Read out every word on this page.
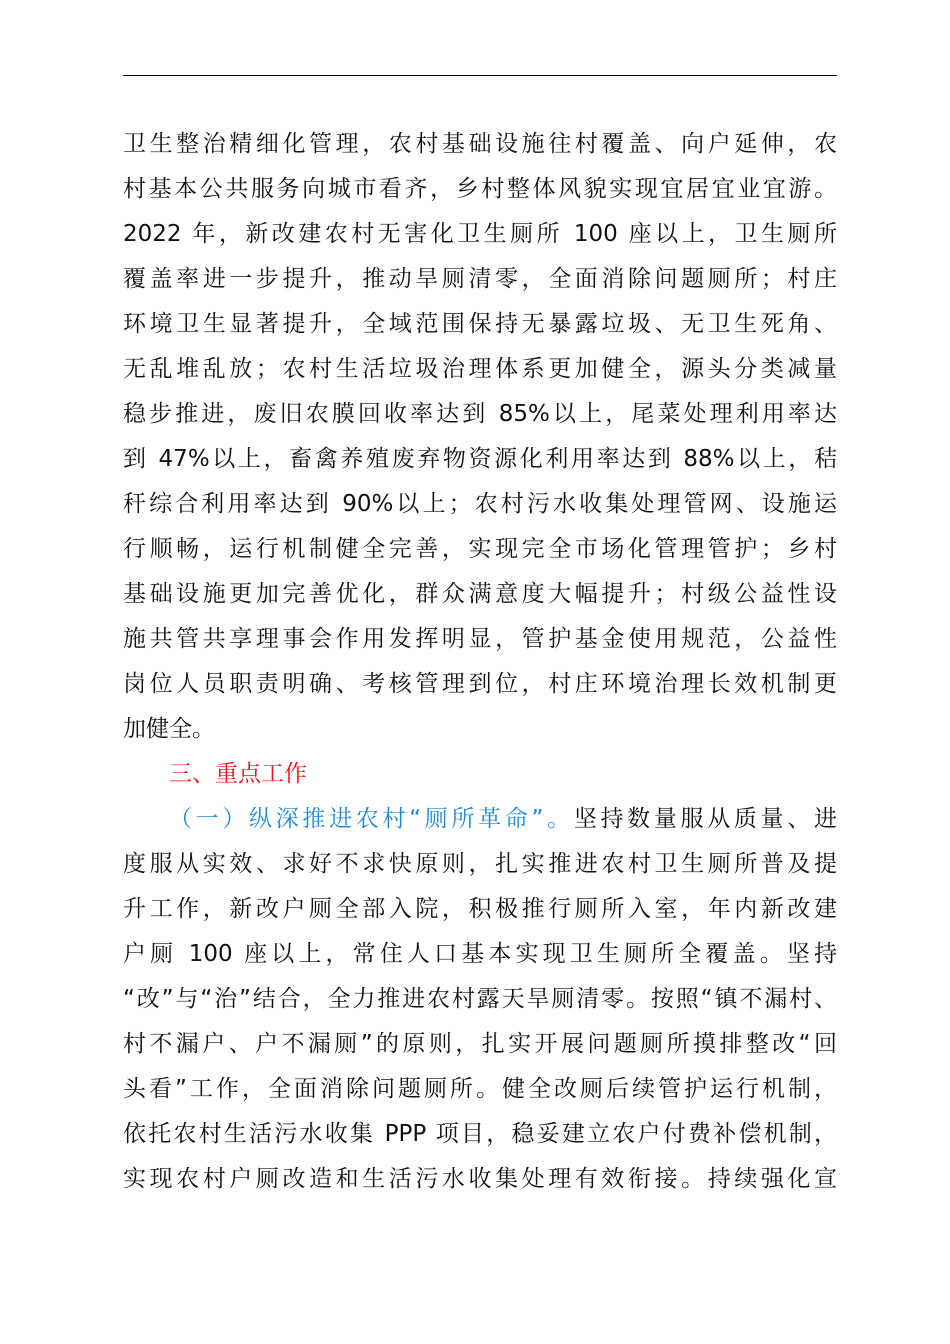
卫生整治精细化管理，农村基础设施往村覆盖、向户延伸，农
村基本公共服务向城市看齐，乡村整体风貌实现宜居宜业宜游。
2022 年，新改建农村无害化卫生厕所 100 座以上，卫生厕所
覆盖率进一步提升，推动旱厕清零，全面消除问题厕所；村庄
环境卫生显著提升，全域范围保持无暴露垃圾、无卫生死角、
无乱堆乱放；农村生活垃圾治理体系更加健全，源头分类减量
稳步推进，废旧农膜回收率达到 85%以上，尾菜处理利用率达
到 47%以上，畜禽养殖废弃物资源化利用率达到 88%以上，秸
秆综合利用率达到 90%以上；农村污水收集处理管网、设施运
行顺畅，运行机制健全完善，实现完全市场化管理管护；乡村
基础设施更加完善优化，群众满意度大幅提升；村级公益性设
施共管共享理事会作用发挥明显，管护基金使用规范，公益性
岗位人员职责明确、考核管理到位，村庄环境治理长效机制更
加健全。
三、重点工作
（一）纵深推进农村“厕所革命”。坚持数量服从质量、进
度服从实效、求好不求快原则，扎实推进农村卫生厕所普及提
升工作，新改户厕全部入院，积极推行厕所入室，年内新改建
户厕 100 座以上，常住人口基本实现卫生厕所全覆盖。坚持
“改”与“治”结合，全力推进农村露天旱厕清零。按照“镇不漏村、
村不漏户、户不漏厕”的原则，扎实开展问题厕所摸排整改“回
头看”工作，全面消除问题厕所。健全改厕后续管护运行机制，
依托农村生活污水收集 PPP 项目，稳妥建立农户付费补偿机制，
实现农村户厕改造和生活污水收集处理有效衔接。持续强化宣
